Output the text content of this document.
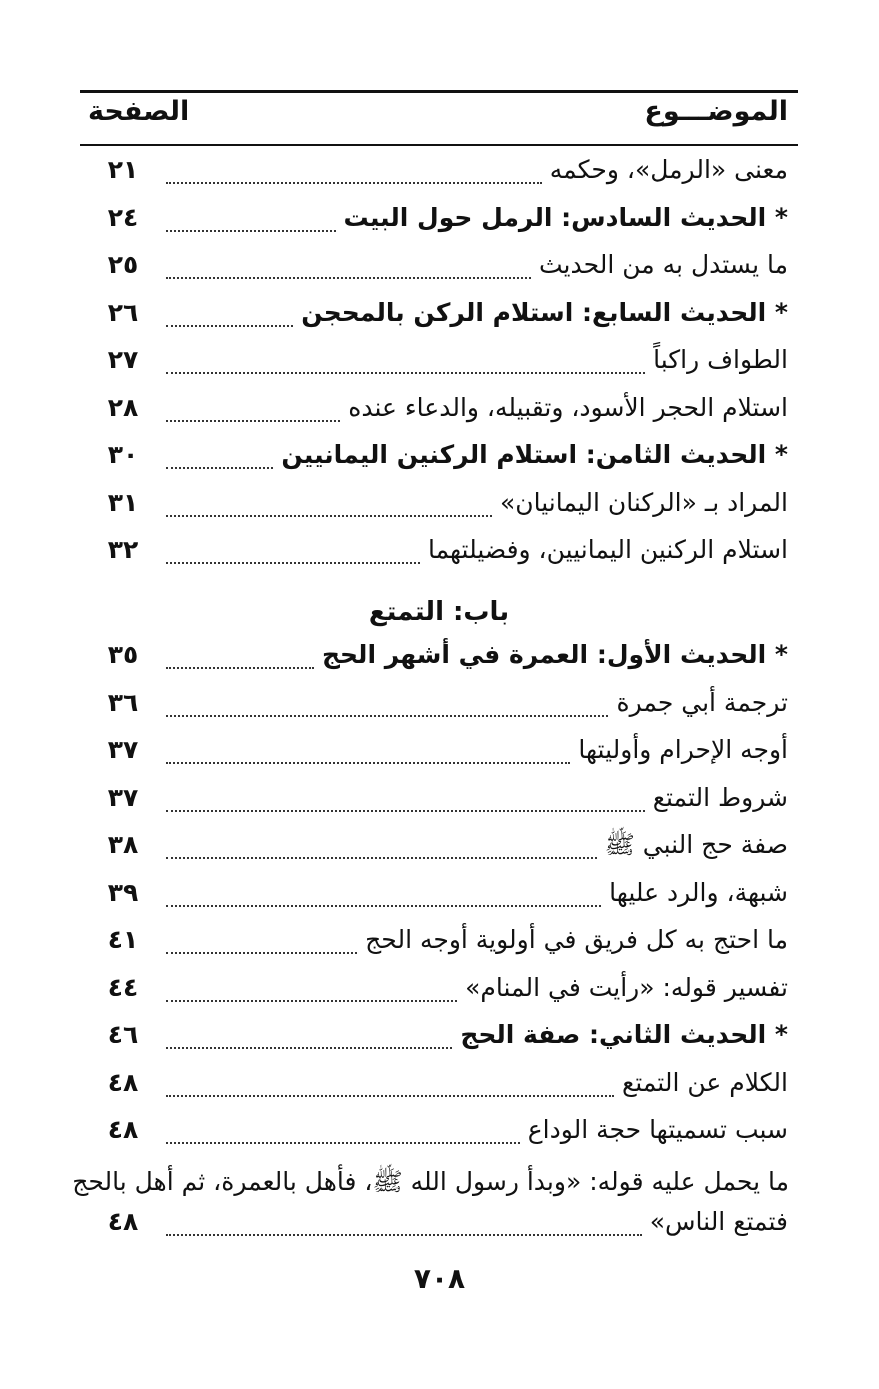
الموضـــوع
الصفحة
معنى «الرمل»، وحكمه
٢١
* الحديث السادس: الرمل حول البيت
٢٤
ما يستدل به من الحديث
٢٥
* الحديث السابع: استلام الركن بالمحجن
٢٦
الطواف راكباً
٢٧
استلام الحجر الأسود، وتقبيله، والدعاء عنده
٢٨
* الحديث الثامن: استلام الركنين اليمانيين
٣٠
المراد بـ «الركنان اليمانيان»
٣١
استلام الركنين اليمانيين، وفضيلتهما
٣٢
باب: التمتع
* الحديث الأول: العمرة في أشهر الحج
٣٥
ترجمة أبي جمرة
٣٦
أوجه الإحرام وأوليتها
٣٧
شروط التمتع
٣٧
صفة حج النبي ﷺ
٣٨
شبهة، والرد عليها
٣٩
ما احتج به كل فريق في أولوية أوجه الحج
٤١
تفسير قوله: «رأيت في المنام»
٤٤
* الحديث الثاني: صفة الحج
٤٦
الكلام عن التمتع
٤٨
سبب تسميتها حجة الوداع
٤٨
ما يحمل عليه قوله: «وبدأ رسول الله ﷺ، فأهل بالعمرة، ثم أهل بالحج
فتمتع الناس»
٤٨
٧٠٨
